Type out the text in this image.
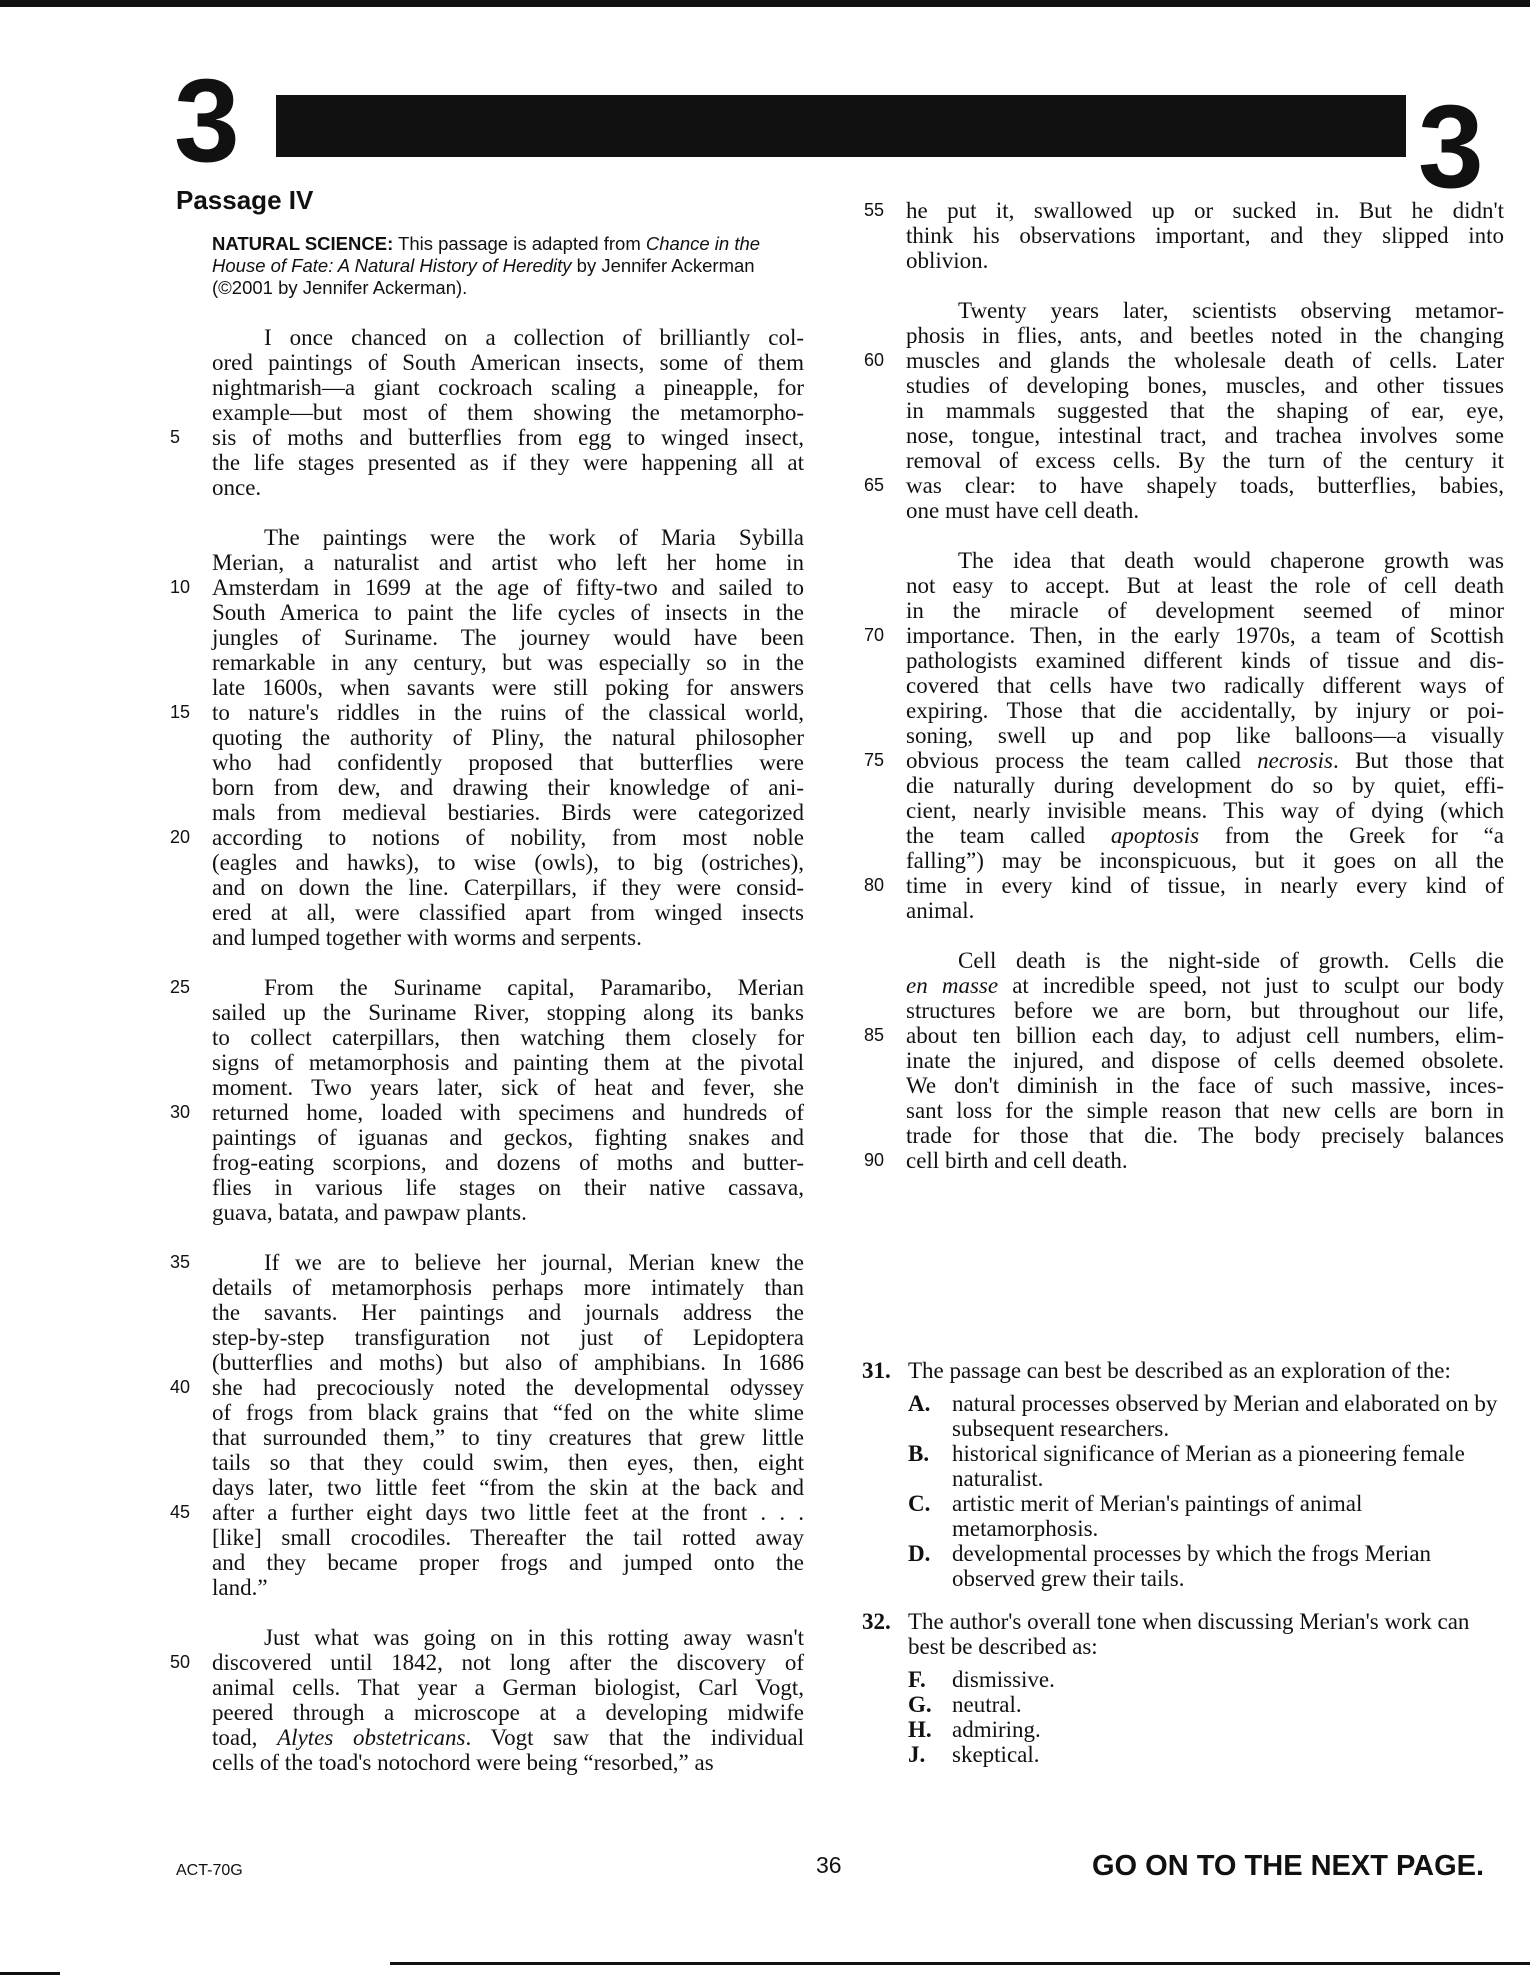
3	3
Passage IV
NATURAL SCIENCE: This passage is adapted from Chance in the House of Fate: A Natural History of Heredity by Jennifer Ackerman (©2001 by Jennifer Ackerman).
I once chanced on a collection of brilliantly col-
ored paintings of South American insects, some of them
nightmarish—a giant cockroach scaling a pineapple, for
example—but most of them showing the metamorpho-
5	sis of moths and butterflies from egg to winged insect,
the life stages presented as if they were happening all at
once.
The paintings were the work of Maria Sybilla
Merian, a naturalist and artist who left her home in
10 Amsterdam in 1699 at the age of fifty-two and sailed to
South America to paint the life cycles of insects in the
jungles of Suriname. The journey would have been
remarkable in any century, but was especially so in the
late 1600s, when savants were still poking for answers
15 to nature's riddles in the ruins of the classical world,
quoting the authority of Pliny, the natural philosopher
who had confidently proposed that butterflies were
born from dew, and drawing their knowledge of ani-
mals from medieval bestiaries. Birds were categorized
20 according to notions of nobility, from most noble
(eagles and hawks), to wise (owls), to big (ostriches),
and on down the line. Caterpillars, if they were consid-
ered at all, were classified apart from winged insects
and lumped together with worms and serpents.
25	From the Suriname capital, Paramaribo, Merian
sailed up the Suriname River, stopping along its banks
to collect caterpillars, then watching them closely for
signs of metamorphosis and painting them at the pivotal
moment. Two years later, sick of heat and fever, she
30 returned home, loaded with specimens and hundreds of
paintings of iguanas and geckos, fighting snakes and
frog-eating scorpions, and dozens of moths and butter-
flies in various life stages on their native cassava,
guava, batata, and pawpaw plants.
35	If we are to believe her journal, Merian knew the
details of metamorphosis perhaps more intimately than
the savants. Her paintings and journals address the
step-by-step transfiguration not just of Lepidoptera
(butterflies and moths) but also of amphibians. In 1686
40 she had precociously noted the developmental odyssey
of frogs from black grains that “fed on the white slime
that surrounded them,” to tiny creatures that grew little
tails so that they could swim, then eyes, then, eight
days later, two little feet “from the skin at the back and
45 after a further eight days two little feet at the front . . .
[like] small crocodiles. Thereafter the tail rotted away
and they became proper frogs and jumped onto the
land.”
Just what was going on in this rotting away wasn't
50 discovered until 1842, not long after the discovery of
animal cells. That year a German biologist, Carl Vogt,
peered through a microscope at a developing midwife
toad, Alytes obstetricans. Vogt saw that the individual
cells of the toad's notochord were being “resorbed,” as
55 he put it, swallowed up or sucked in. But he didn't
think his observations important, and they slipped into
oblivion.
Twenty years later, scientists observing metamor-
phosis in flies, ants, and beetles noted in the changing
60 muscles and glands the wholesale death of cells. Later
studies of developing bones, muscles, and other tissues
in mammals suggested that the shaping of ear, eye,
nose, tongue, intestinal tract, and trachea involves some
removal of excess cells. By the turn of the century it
65 was clear: to have shapely toads, butterflies, babies,
one must have cell death.
The idea that death would chaperone growth was
not easy to accept. But at least the role of cell death
in the miracle of development seemed of minor
70 importance. Then, in the early 1970s, a team of Scottish
pathologists examined different kinds of tissue and dis-
covered that cells have two radically different ways of
expiring. Those that die accidentally, by injury or poi-
soning, swell up and pop like balloons—a visually
75 obvious process the team called necrosis. But those that
die naturally during development do so by quiet, effi-
cient, nearly invisible means. This way of dying (which
the team called apoptosis from the Greek for “a
falling”) may be inconspicuous, but it goes on all the
80 time in every kind of tissue, in nearly every kind of
animal.
Cell death is the night-side of growth. Cells die
en masse at incredible speed, not just to sculpt our body
structures before we are born, but throughout our life,
85 about ten billion each day, to adjust cell numbers, elim-
inate the injured, and dispose of cells deemed obsolete.
We don't diminish in the face of such massive, inces-
sant loss for the simple reason that new cells are born in
trade for those that die. The body precisely balances
90 cell birth and cell death.
31. The passage can best be described as an exploration of the:
A. natural processes observed by Merian and elaborated on by subsequent researchers.
B. historical significance of Merian as a pioneering female naturalist.
C. artistic merit of Merian's paintings of animal metamorphosis.
D. developmental processes by which the frogs Merian observed grew their tails.
32. The author's overall tone when discussing Merian's work can best be described as:
F.	dismissive.
G. neutral.
H. admiring.
J.	skeptical.
ACT-70G	36	GO ON TO THE NEXT PAGE.
